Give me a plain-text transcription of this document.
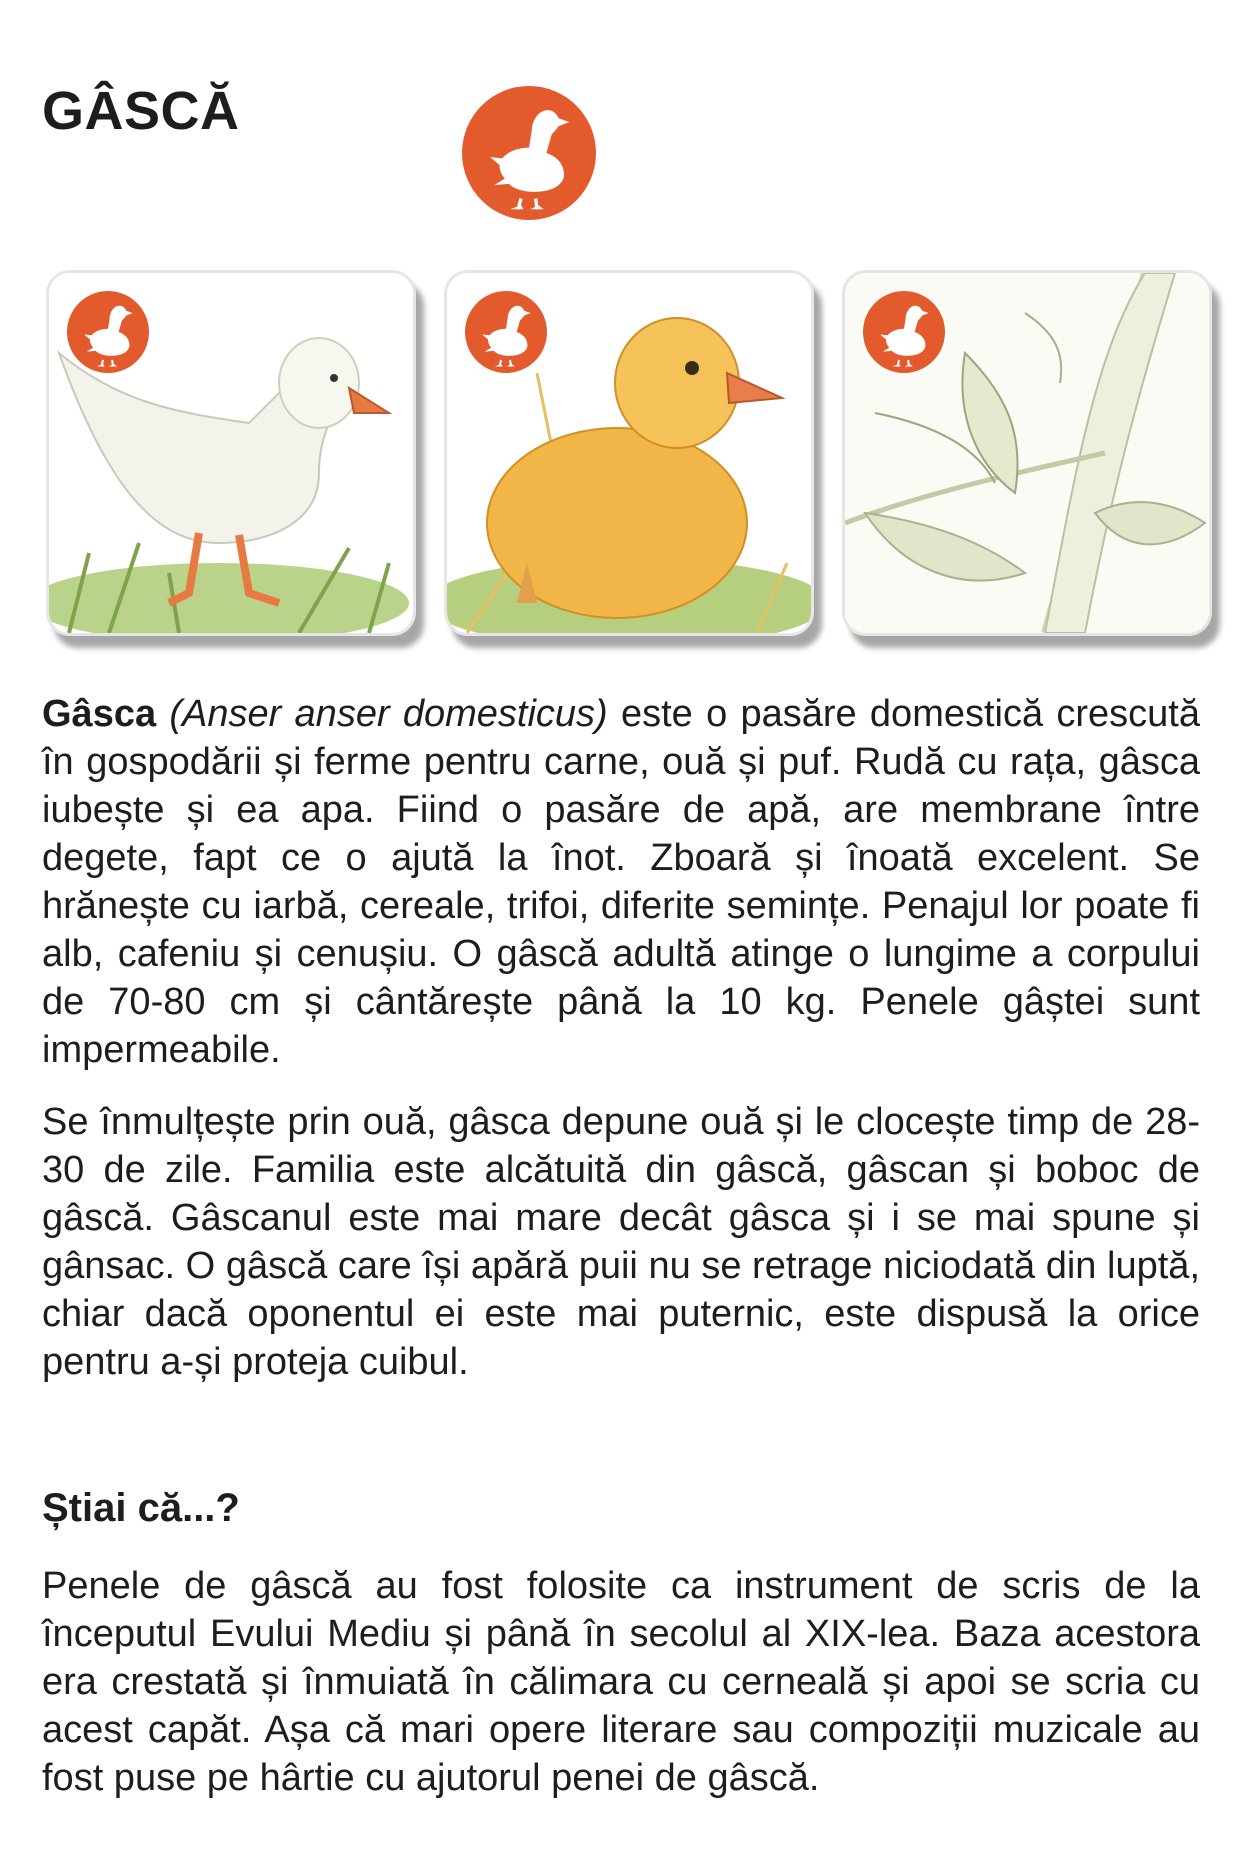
GÂSCĂ

Gâsca (Anser anser domesticus) este o pasăre domestică crescută în gospodării și ferme pentru carne, ouă și puf. Rudă cu rața, gâsca iubește și ea apa. Fiind o pasăre de apă, are membrane între degete, fapt ce o ajută la înot. Zboară și înoată excelent. Se hrănește cu iarbă, cereale, trifoi, diferite semințe. Penajul lor poate fi alb, cafeniu și cenușiu. O gâscă adultă atinge o lungime a corpului de 70-80 cm și cântărește până la 10 kg. Penele gâștei sunt impermeabile.

Se înmulțește prin ouă, gâsca depune ouă și le clocește timp de 28-30 de zile. Familia este alcătuită din gâscă, gâscan și boboc de gâscă. Gâscanul este mai mare decât gâsca și i se mai spune și gânsac. O gâscă care își apără puii nu se retrage niciodată din luptă, chiar dacă oponentul ei este mai puternic, este dispusă la orice pentru a-și proteja cuibul.

Știai că...?

Penele de gâscă au fost folosite ca instrument de scris de la începutul Evului Mediu și până în secolul al XIX-lea. Baza acestora era crestată și înmuiată în călimara cu cerneală și apoi se scria cu acest capăt. Așa că mari opere literare sau compoziții muzicale au fost puse pe hârtie cu ajutorul penei de gâscă.
